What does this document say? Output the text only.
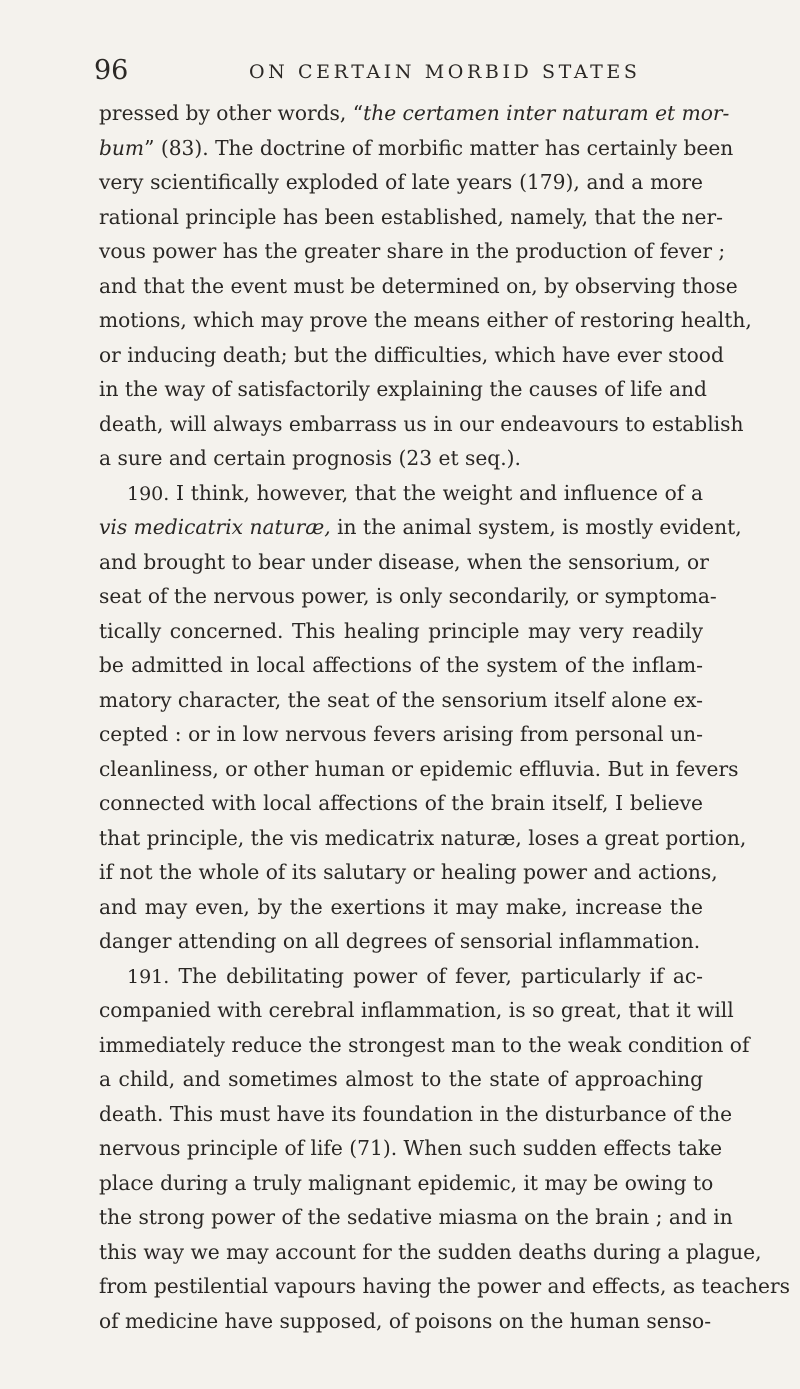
96	ON CERTAIN MORBID STATES
pressed by other words, “the certamen inter naturam et mor-
bum” (83). The doctrine of morbific matter has certainly been
very scientifically exploded of late years (179), and a more
rational principle has been established, namely, that the ner-
vous power has the greater share in the production of fever ;
and that the event must be determined on, by observing those
motions, which may prove the means either of restoring health,
or inducing death; but the difficulties, which have ever stood
in the way of satisfactorily explaining the causes of life and
death, will always embarrass us in our endeavours to establish
a sure and certain prognosis (23 et seq.).
190. I think, however, that the weight and influence of a
vis medicatrix naturæ, in the animal system, is mostly evident,
and brought to bear under disease, when the sensorium, or
seat of the nervous power, is only secondarily, or symptoma-
tically concerned. This healing principle may very readily
be admitted in local affections of the system of the inflam-
matory character, the seat of the sensorium itself alone ex-
cepted : or in low nervous fevers arising from personal un-
cleanliness, or other human or epidemic effluvia. But in fevers
connected with local affections of the brain itself, I believe
that principle, the vis medicatrix naturæ, loses a great portion,
if not the whole of its salutary or healing power and actions,
and may even, by the exertions it may make, increase the
danger attending on all degrees of sensorial inflammation.
191. The debilitating power of fever, particularly if ac-
companied with cerebral inflammation, is so great, that it will
immediately reduce the strongest man to the weak condition of
a child, and sometimes almost to the state of approaching
death. This must have its foundation in the disturbance of the
nervous principle of life (71). When such sudden effects take
place during a truly malignant epidemic, it may be owing to
the strong power of the sedative miasma on the brain ; and in
this way we may account for the sudden deaths during a plague,
from pestilential vapours having the power and effects, as teachers
of medicine have supposed, of poisons on the human senso-
